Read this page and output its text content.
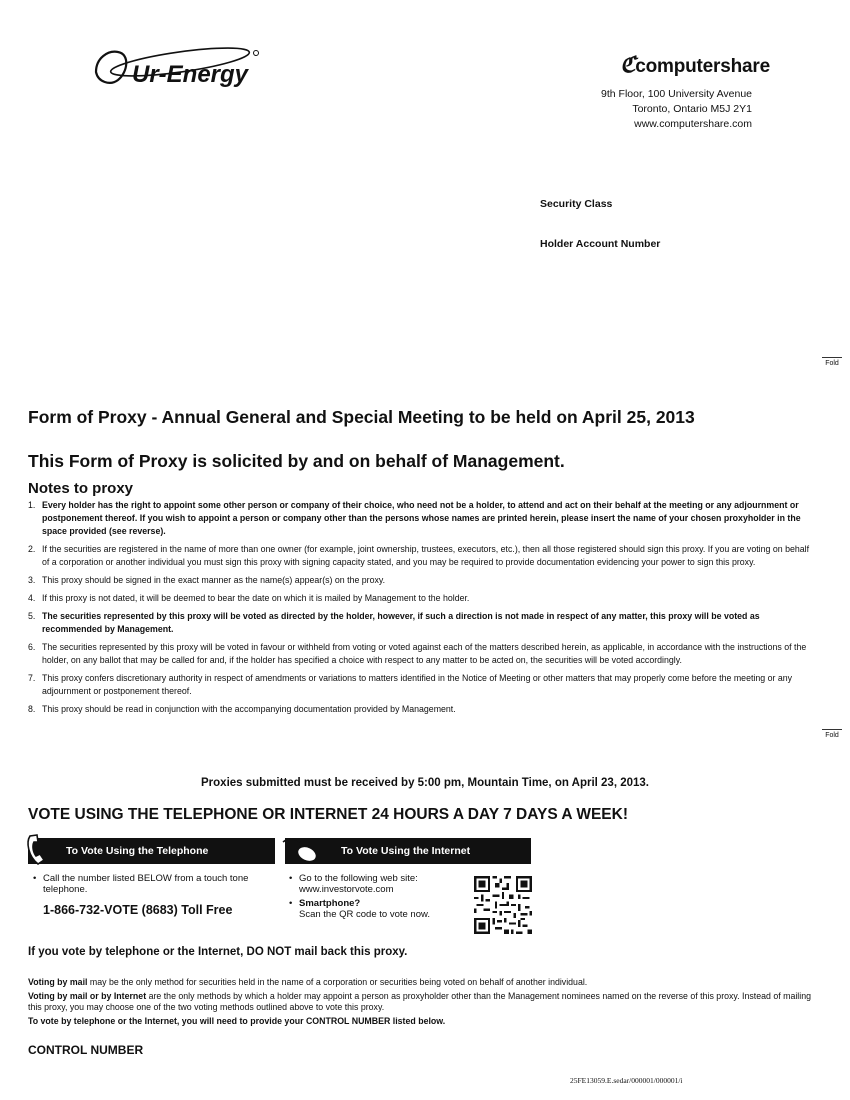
Ur-Energy	ℭcomputershare
9th Floor, 100 University Avenue
Toronto, Ontario M5J 2Y1
www.computershare.com
Security Class
Holder Account Number
Fold
Fold
Form of Proxy - Annual General and Special Meeting to be held on April 25, 2013
This Form of Proxy is solicited by and on behalf of Management.
Notes to proxy
1. Every holder has the right to appoint some other person or company of their choice, who need not be a holder, to attend and act on their behalf at the meeting or any adjournment or postponement thereof. If you wish to appoint a person or company other than the persons whose names are printed herein, please insert the name of your chosen proxyholder in the space provided (see reverse).
2. If the securities are registered in the name of more than one owner (for example, joint ownership, trustees, executors, etc.), then all those registered should sign this proxy. If you are voting on behalf of a corporation or another individual you must sign this proxy with signing capacity stated, and you may be required to provide documentation evidencing your power to sign this proxy.
3. This proxy should be signed in the exact manner as the name(s) appear(s) on the proxy.
4. If this proxy is not dated, it will be deemed to bear the date on which it is mailed by Management to the holder.
5. The securities represented by this proxy will be voted as directed by the holder, however, if such a direction is not made in respect of any matter, this proxy will be voted as recommended by Management.
6. The securities represented by this proxy will be voted in favour or withheld from voting or voted against each of the matters described herein, as applicable, in accordance with the instructions of the holder, on any ballot that may be called for and, if the holder has specified a choice with respect to any matter to be acted on, the securities will be voted accordingly.
7. This proxy confers discretionary authority in respect of amendments or variations to matters identified in the Notice of Meeting or other matters that may properly come before the meeting or any adjournment or postponement thereof.
8. This proxy should be read in conjunction with the accompanying documentation provided by Management.
Proxies submitted must be received by 5:00 pm, Mountain Time, on April 23, 2013.
VOTE USING THE TELEPHONE OR INTERNET 24 HOURS A DAY 7 DAYS A WEEK!
To Vote Using the Telephone	To Vote Using the Internet
• Call the number listed BELOW from a touch tone telephone.
1-866-732-VOTE (8683) Toll Free
• Go to the following web site:
www.investorvote.com
• Smartphone?
Scan the QR code to vote now.
If you vote by telephone or the Internet, DO NOT mail back this proxy.

Voting by mail may be the only method for securities held in the name of a corporation or securities being voted on behalf of another individual.

Voting by mail or by Internet are the only methods by which a holder may appoint a person as proxyholder other than the Management nominees named on the reverse of this proxy. Instead of mailing this proxy, you may choose one of the two voting methods outlined above to vote this proxy.

To vote by telephone or the Internet, you will need to provide your CONTROL NUMBER listed below.

CONTROL NUMBER
25FE13059.E.sedar/000001/000001/i
